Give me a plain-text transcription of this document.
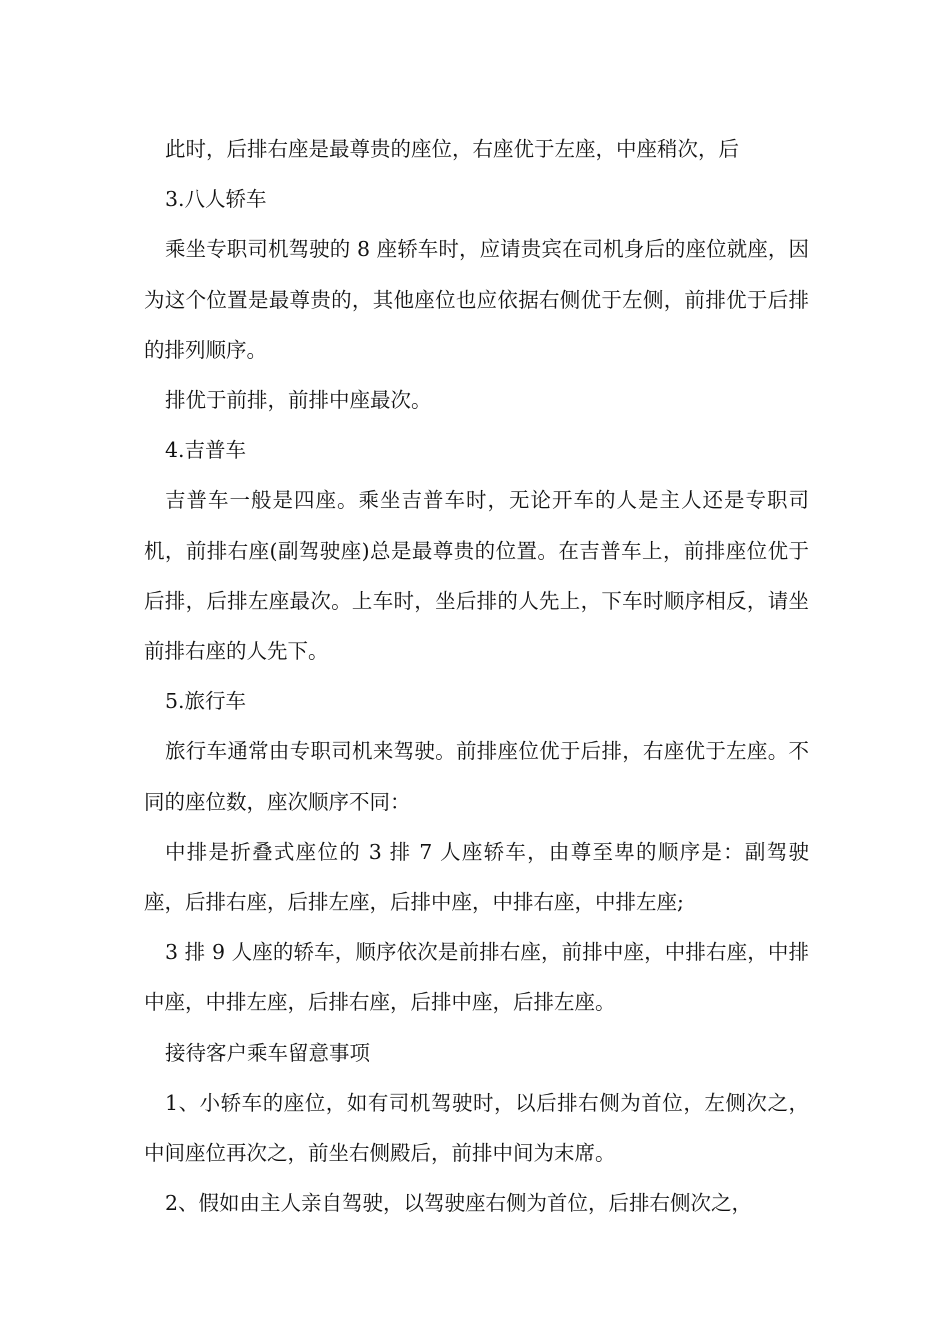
此时，后排右座是最尊贵的座位，右座优于左座，中座稍次，后

3.八人轿车

乘坐专职司机驾驶的 8 座轿车时，应请贵宾在司机身后的座位就座，因为这个位置是最尊贵的，其他座位也应依据右侧优于左侧，前排优于后排的排列顺序。

排优于前排，前排中座最次。

4.吉普车

吉普车一般是四座。乘坐吉普车时，无论开车的人是主人还是专职司机，前排右座(副驾驶座)总是最尊贵的位置。在吉普车上，前排座位优于后排，后排左座最次。上车时，坐后排的人先上，下车时顺序相反，请坐前排右座的人先下。

5.旅行车

旅行车通常由专职司机来驾驶。前排座位优于后排，右座优于左座。不同的座位数，座次顺序不同：

中排是折叠式座位的 3 排 7 人座轿车，由尊至卑的顺序是：副驾驶座，后排右座，后排左座，后排中座，中排右座，中排左座;

3 排 9 人座的轿车，顺序依次是前排右座，前排中座，中排右座，中排中座，中排左座，后排右座，后排中座，后排左座。

接待客户乘车留意事项

1、小轿车的座位，如有司机驾驶时，以后排右侧为首位，左侧次之，中间座位再次之，前坐右侧殿后，前排中间为末席。

2、假如由主人亲自驾驶，以驾驶座右侧为首位，后排右侧次之，
